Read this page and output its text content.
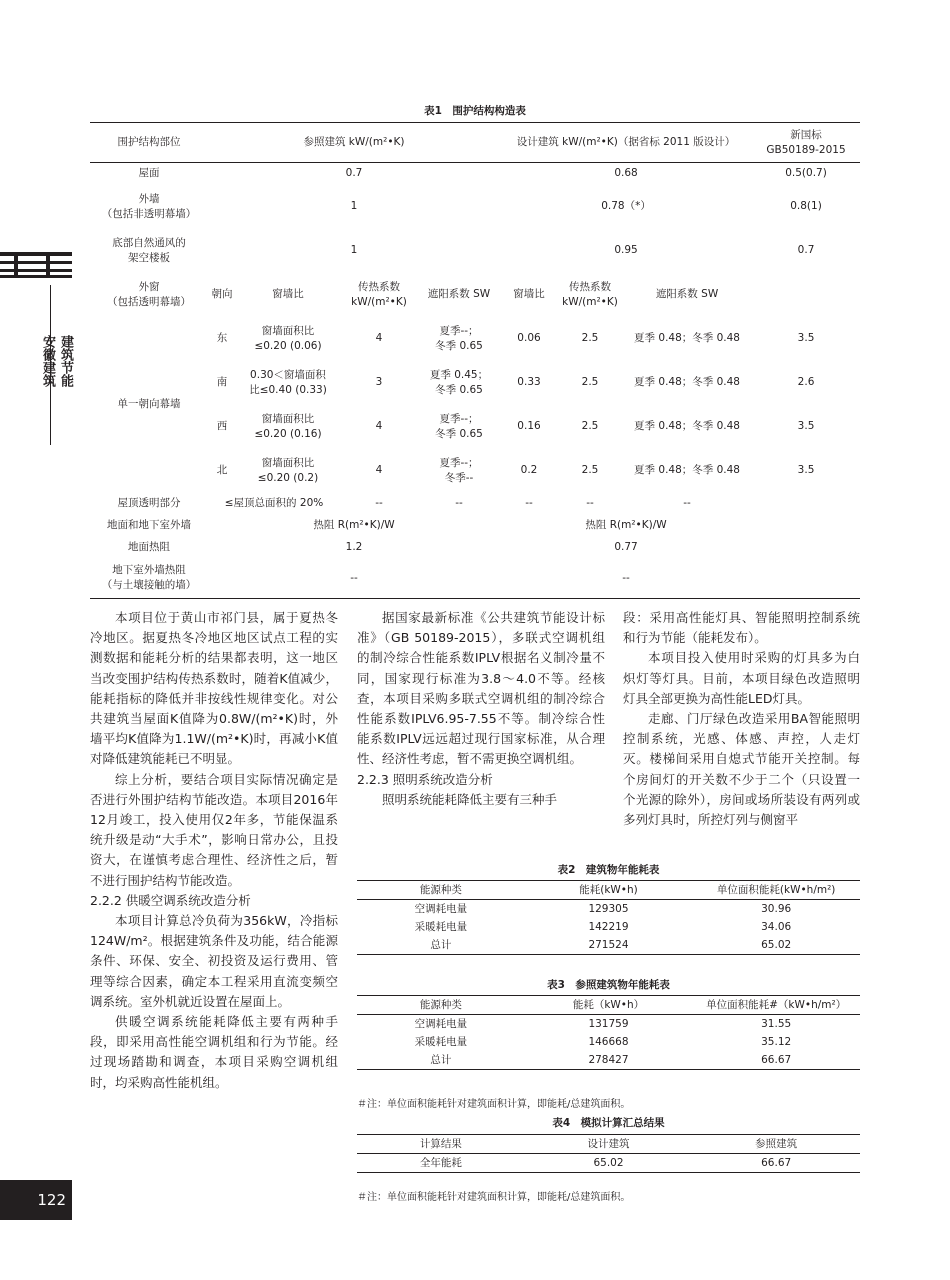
建筑节能
安徽建筑
122
表1　围护结构构造表
围护结构部位	参照建筑 kW/(m²•K)				设计建筑 kW/(m²•K)（据省标 2011 版设计）			新国标
GB50189-2015
屋面	0.7				0.68			0.5(0.7)
外墙
（包括非透明幕墙）	1				0.78（*）			0.8(1)
底部自然通风的
架空楼板	1				0.95			0.7
外窗
（包括透明幕墙）	朝向	窗墙比	传热系数
kW/(m²•K)	遮阳系数 SW	窗墙比	传热系数
kW/(m²•K)	遮阳系数 SW	
单一朝向幕墙	东	窗墙面积比
≤0.20 (0.06)	4	夏季--；
冬季 0.65	0.06	2.5	夏季 0.48；冬季 0.48	3.5
	南	0.30＜窗墙面积
比≤0.40 (0.33)	3	夏季 0.45；
冬季 0.65	0.33	2.5	夏季 0.48；冬季 0.48	2.6
	西	窗墙面积比
≤0.20 (0.16)	4	夏季--；
冬季 0.65	0.16	2.5	夏季 0.48；冬季 0.48	3.5
	北	窗墙面积比
≤0.20 (0.2)	4	夏季--；
冬季--	0.2	2.5	夏季 0.48；冬季 0.48	3.5
屋顶透明部分	≤屋顶总面积的 20%		--	--	--	--	--	
地面和地下室外墙	热阻 R(m²•K)/W				热阻 R(m²•K)/W			
地面热阻	1.2				0.77			
地下室外墙热阻
（与土壤接触的墙）	--				--			

本项目位于黄山市祁门县，属于夏热冬冷地区。据夏热冬冷地区地区试点工程的实测数据和能耗分析的结果都表明，这一地区当改变围护结构传热系数时，随着K值减少，能耗指标的降低并非按线性规律变化。对公共建筑当屋面K值降为0.8W/(m²•K)时，外墙平均K值降为1.1W/(m²•K)时，再减小K值对降低建筑能耗已不明显。

综上分析，要结合项目实际情况确定是否进行外围护结构节能改造。本项目2016年12月竣工，投入使用仅2年多，节能保温系统升级是动“大手术”，影响日常办公，且投资大，在谨慎考虑合理性、经济性之后，暂不进行围护结构节能改造。

2.2.2 供暖空调系统改造分析

本项目计算总冷负荷为356kW，冷指标124W/m²。根据建筑条件及功能，结合能源条件、环保、安全、初投资及运行费用、管理等综合因素，确定本工程采用直流变频空调系统。室外机就近设置在屋面上。

供暖空调系统能耗降低主要有两种手段，即采用高性能空调机组和行为节能。经过现场踏勘和调查，本项目采购空调机组时，均采购高性能机组。

据国家最新标准《公共建筑节能设计标准》（GB 50189-2015），多联式空调机组的制冷综合性能系数IPLV根据名义制冷量不同，国家现行标准为3.8～4.0不等。经核查，本项目采购多联式空调机组的制冷综合性能系数IPLV6.95-7.55不等。制冷综合性能系数IPLV远远超过现行国家标准，从合理性、经济性考虑，暂不需更换空调机组。

2.2.3 照明系统改造分析

照明系统能耗降低主要有三种手

段：采用高性能灯具、智能照明控制系统和行为节能（能耗发布）。

本项目投入使用时采购的灯具多为白炽灯等灯具。目前，本项目绿色改造照明灯具全部更换为高性能LED灯具。

走廊、门厅绿色改造采用BA智能照明控制系统，光感、体感、声控，人走灯灭。楼梯间采用自熄式节能开关控制。每个房间灯的开关数不少于二个（只设置一个光源的除外），房间或场所装设有两列或多列灯具时，所控灯列与侧窗平

表2　建筑物年能耗表
能源种类	能耗(kW•h)	单位面积能耗(kW•h/m²)
空调耗电量	129305	30.96
采暖耗电量	142219	34.06
总计	271524	65.02
表3　参照建筑物年能耗表
能源种类	能耗（kW•h）	单位面积能耗#（kW•h/m²）
空调耗电量	131759	31.55
采暖耗电量	146668	35.12
总计	278427	66.67
＃注：单位面积能耗针对建筑面积计算，即能耗/总建筑面积。
表4　模拟计算汇总结果
计算结果	设计建筑	参照建筑
全年能耗	65.02	66.67
＃注：单位面积能耗针对建筑面积计算，即能耗/总建筑面积。
